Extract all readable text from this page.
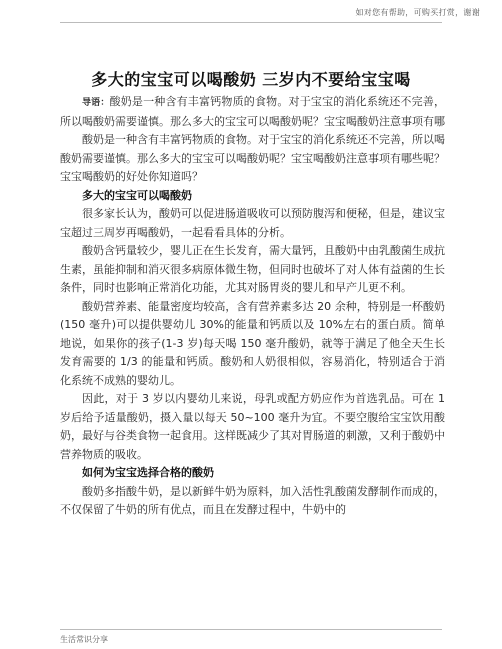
如对您有帮助，可购买打赏，谢谢
多大的宝宝可以喝酸奶 三岁内不要给宝宝喝

导语：酸奶是一种含有丰富钙物质的食物。对于宝宝的消化系统还不完善，所以喝酸奶需要谨慎。那么多大的宝宝可以喝酸奶呢？宝宝喝酸奶注意事项有哪

酸奶是一种含有丰富钙物质的食物。对于宝宝的消化系统还不完善，所以喝酸奶需要谨慎。那么多大的宝宝可以喝酸奶呢？宝宝喝酸奶注意事项有哪些呢？宝宝喝酸奶的好处你知道吗？

多大的宝宝可以喝酸奶

很多家长认为，酸奶可以促进肠道吸收可以预防腹泻和便秘，但是，建议宝宝超过三周岁再喝酸奶，一起看看具体的分析。

酸奶含钙量较少，婴儿正在生长发育，需大量钙，且酸奶中由乳酸菌生成抗生素，虽能抑制和消灭很多病原体微生物，但同时也破坏了对人体有益菌的生长条件，同时也影响正常消化功能，尤其对肠胃炎的婴儿和早产儿更不利。

酸奶营养素、能量密度均较高，含有营养素多达 20 余种，特别是一杯酸奶(150 毫升)可以提供婴幼儿 30%的能量和钙质以及 10%左右的蛋白质。简单地说，如果你的孩子(1-3 岁)每天喝 150 毫升酸奶，就等于满足了他全天生长发育需要的 1/3 的能量和钙质。酸奶和人奶很相似，容易消化，特别适合于消化系统不成熟的婴幼儿。

因此，对于 3 岁以内婴幼儿来说，母乳或配方奶应作为首选乳品。可在 1 岁后给予适量酸奶，摄入量以每天 50~100 毫升为宜。不要空腹给宝宝饮用酸奶，最好与谷类食物一起食用。这样既减少了其对胃肠道的刺激，又利于酸奶中营养物质的吸收。

如何为宝宝选择合格的酸奶

酸奶多指酸牛奶，是以新鲜牛奶为原料，加入活性乳酸菌发酵制作而成的，不仅保留了牛奶的所有优点，而且在发酵过程中，牛奶中的

生活常识分享
